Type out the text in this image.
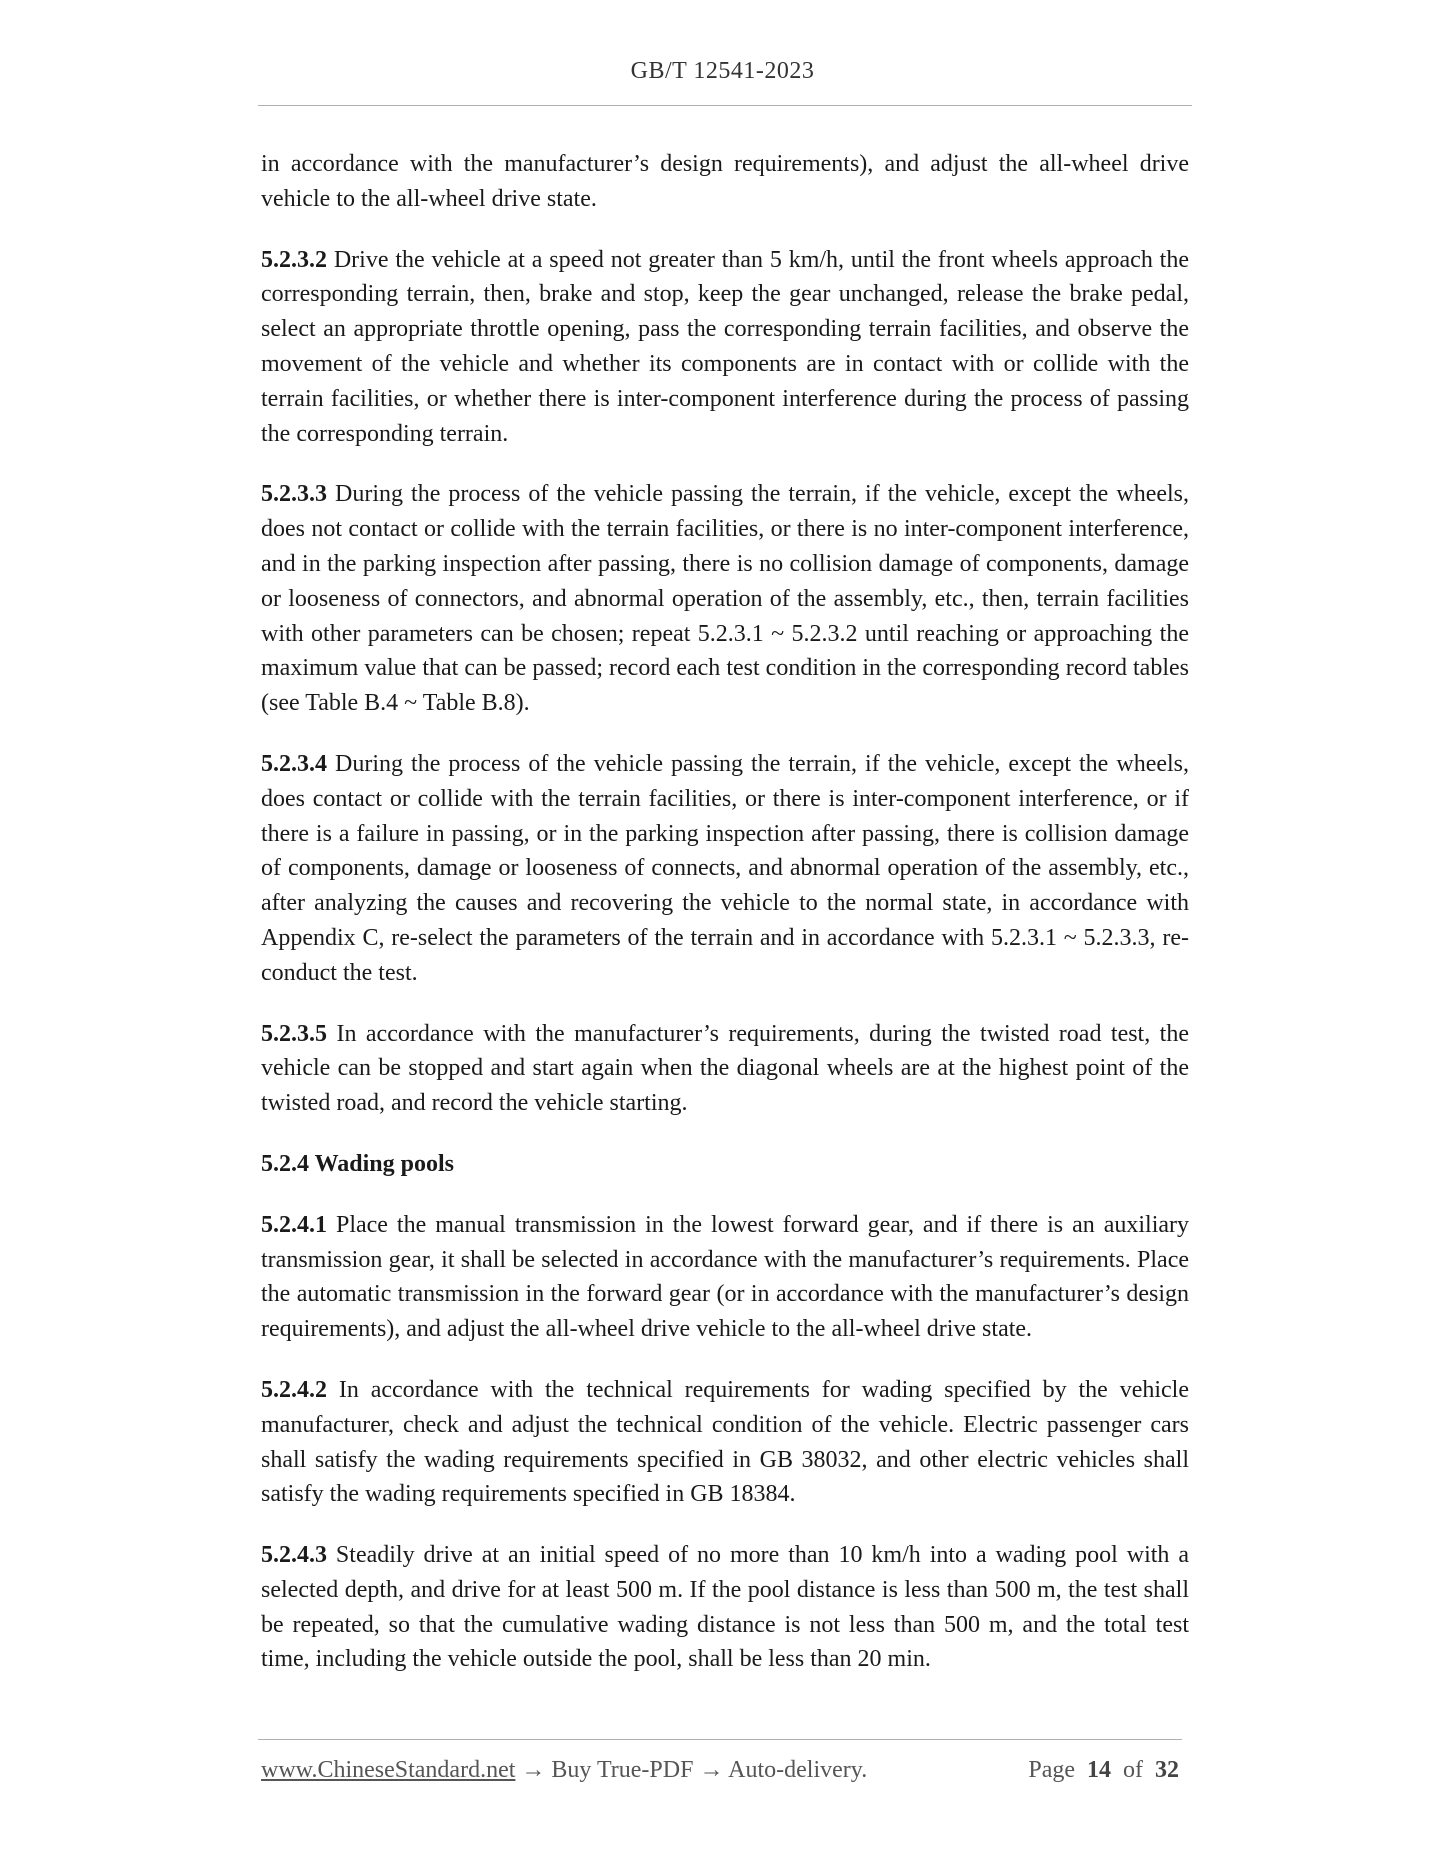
GB/T 12541-2023

in accordance with the manufacturer’s design requirements), and adjust the all-wheel drive vehicle to the all-wheel drive state.

5.2.3.2 Drive the vehicle at a speed not greater than 5 km/h, until the front wheels approach the corresponding terrain, then, brake and stop, keep the gear unchanged, release the brake pedal, select an appropriate throttle opening, pass the corresponding terrain facilities, and observe the movement of the vehicle and whether its components are in contact with or collide with the terrain facilities, or whether there is inter-component interference during the process of passing the corresponding terrain.

5.2.3.3 During the process of the vehicle passing the terrain, if the vehicle, except the wheels, does not contact or collide with the terrain facilities, or there is no inter-component interference, and in the parking inspection after passing, there is no collision damage of components, damage or looseness of connectors, and abnormal operation of the assembly, etc., then, terrain facilities with other parameters can be chosen; repeat 5.2.3.1 ~ 5.2.3.2 until reaching or approaching the maximum value that can be passed; record each test condition in the corresponding record tables (see Table B.4 ~ Table B.8).

5.2.3.4 During the process of the vehicle passing the terrain, if the vehicle, except the wheels, does contact or collide with the terrain facilities, or there is inter-component interference, or if there is a failure in passing, or in the parking inspection after passing, there is collision damage of components, damage or looseness of connects, and abnormal operation of the assembly, etc., after analyzing the causes and recovering the vehicle to the normal state, in accordance with Appendix C, re-select the parameters of the terrain and in accordance with 5.2.3.1 ~ 5.2.3.3, re-conduct the test.

5.2.3.5 In accordance with the manufacturer’s requirements, during the twisted road test, the vehicle can be stopped and start again when the diagonal wheels are at the highest point of the twisted road, and record the vehicle starting.

5.2.4 Wading pools

5.2.4.1 Place the manual transmission in the lowest forward gear, and if there is an auxiliary transmission gear, it shall be selected in accordance with the manufacturer’s requirements. Place the automatic transmission in the forward gear (or in accordance with the manufacturer’s design requirements), and adjust the all-wheel drive vehicle to the all-wheel drive state.

5.2.4.2 In accordance with the technical requirements for wading specified by the vehicle manufacturer, check and adjust the technical condition of the vehicle. Electric passenger cars shall satisfy the wading requirements specified in GB 38032, and other electric vehicles shall satisfy the wading requirements specified in GB 18384.

5.2.4.3 Steadily drive at an initial speed of no more than 10 km/h into a wading pool with a selected depth, and drive for at least 500 m. If the pool distance is less than 500 m, the test shall be repeated, so that the cumulative wading distance is not less than 500 m, and the total test time, including the vehicle outside the pool, shall be less than 20 min.

www.ChineseStandard.net → Buy True-PDF → Auto-delivery.	Page 14 of 32
